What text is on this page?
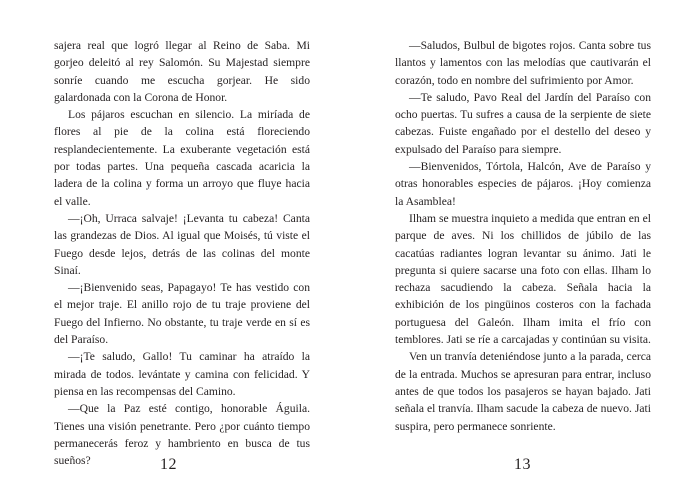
sajera real que logró llegar al Reino de Saba. Mi gorjeo deleitó al rey Salomón. Su Majestad siempre sonríe cuando me escucha gorjear. He sido galardonada con la Corona de Honor.

Los pájaros escuchan en silencio. La miríada de flores al pie de la colina está floreciendo resplandecientemente. La exuberante vegetación está por todas partes. Una pequeña cascada acaricia la ladera de la colina y forma un arroyo que fluye hacia el valle.

—¡Oh, Urraca salvaje! ¡Levanta tu cabeza! Canta las grandezas de Dios. Al igual que Moisés, tú viste el Fuego desde lejos, detrás de las colinas del monte Sinaí.

—¡Bienvenido seas, Papagayo! Te has vestido con el mejor traje. El anillo rojo de tu traje proviene del Fuego del Infierno. No obstante, tu traje verde en sí es del Paraíso.

—¡Te saludo, Gallo! Tu caminar ha atraído la mirada de todos. levántate y camina con felicidad. Y piensa en las recompensas del Camino.

—Que la Paz esté contigo, honorable Águila. Tienes una visión penetrante. Pero ¿por cuánto tiempo permanecerás feroz y hambriento en busca de tus sueños?

—Saludos, Bulbul de bigotes rojos. Canta sobre tus llantos y lamentos con las melodías que cautivarán el corazón, todo en nombre del sufrimiento por Amor.

—Te saludo, Pavo Real del Jardín del Paraíso con ocho puertas. Tu sufres a causa de la serpiente de siete cabezas. Fuiste engañado por el destello del deseo y expulsado del Paraíso para siempre.

—Bienvenidos, Tórtola, Halcón, Ave de Paraíso y otras honorables especies de pájaros. ¡Hoy comienza la Asamblea!

Ilham se muestra inquieto a medida que entran en el parque de aves. Ni los chillidos de júbilo de las cacatúas radiantes logran levantar su ánimo. Jati le pregunta si quiere sacarse una foto con ellas. Ilham lo rechaza sacudiendo la cabeza. Señala hacia la exhibición de los pingüinos costeros con la fachada portuguesa del Galeón. Ilham imita el frío con temblores. Jati se ríe a carcajadas y continúan su visita.

Ven un tranvía deteniéndose junto a la parada, cerca de la entrada. Muchos se apresuran para entrar, incluso antes de que todos los pasajeros se hayan bajado. Jati señala el tranvía. Ilham sacude la cabeza de nuevo. Jati suspira, pero permanece sonriente.

12	13
